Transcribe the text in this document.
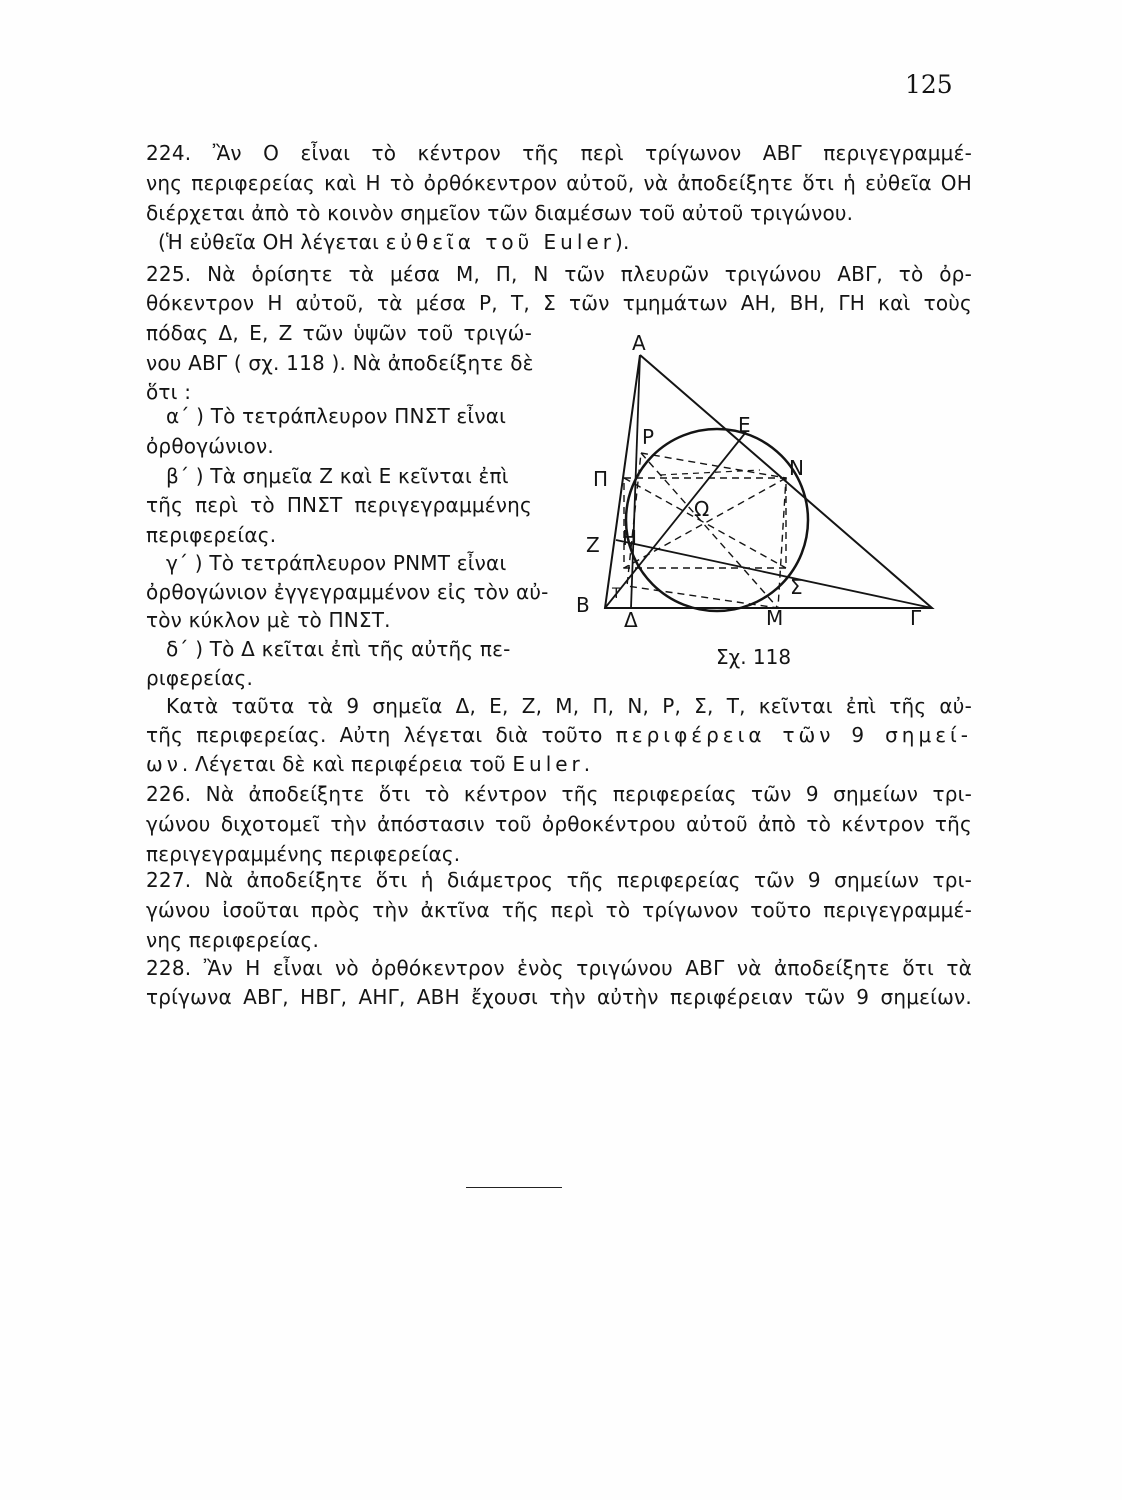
125
224. Ἂν Ο εἶναι τὸ κέντρον τῆς περὶ τρίγωνον ΑΒΓ περιγεγραμμέ-
νης περιφερείας καὶ Η τὸ ὀρθόκεντρον αὐτοῦ, νὰ ἀποδείξητε ὅτι ἡ εὐθεῖα ΟΗ
διέρχεται ἀπὸ τὸ κοινὸν σημεῖον τῶν διαμέσων τοῦ αὐτοῦ τριγώνου.
(Ἡ εὐθεῖα ΟΗ λέγεται εὐθεῖα τοῦ Euler).
225. Νὰ ὁρίσητε τὰ μέσα Μ, Π, Ν τῶν πλευρῶν τριγώνου ΑΒΓ, τὸ ὀρ-
θόκεντρον Η αὐτοῦ, τὰ μέσα Ρ, Τ, Σ τῶν τμημάτων ΑΗ, ΒΗ, ΓΗ καὶ τοὺς
πόδας Δ, Ε, Ζ τῶν ὑψῶν τοῦ τριγώ-
νου ΑΒΓ ( σχ. 118 ). Νὰ ἀποδείξητε δὲ
ὅτι :
α΄ ) Τὸ τετράπλευρον ΠΝΣΤ εἶναι
ὀρθογώνιον.
β΄ ) Τὰ σημεῖα Ζ καὶ Ε κεῖνται ἐπὶ
τῆς περὶ τὸ ΠΝΣΤ περιγεγραμμένης
περιφερείας.
γ΄ ) Τὸ τετράπλευρον ΡΝΜΤ εἶναι
ὀρθογώνιον ἐγγεγραμμένον εἰς τὸν αὐ-
τὸν κύκλον μὲ τὸ ΠΝΣΤ.
δ΄ ) Τὸ Δ κεῖται ἐπὶ τῆς αὐτῆς πε-
ριφερείας.
Κατὰ ταῦτα τὰ 9 σημεῖα Δ, Ε, Ζ, Μ, Π, Ν, Ρ, Σ, Τ, κεῖνται ἐπὶ τῆς αὐ-
τῆς περιφερείας. Αὐτη λέγεται διὰ τοῦτο περιφέρεια τῶν 9 σημεί-
ων. Λέγεται δὲ καὶ περιφέρεια τοῦ Euler.
226. Νὰ ἀποδείξητε ὅτι τὸ κέντρον τῆς περιφερείας τῶν 9 σημείων τρι-
γώνου διχοτομεῖ τὴν ἀπόστασιν τοῦ ὀρθοκέντρου αὐτοῦ ἀπὸ τὸ κέντρον τῆς
περιγεγραμμένης περιφερείας.
227. Νὰ ἀποδείξητε ὅτι ἡ διάμετρος τῆς περιφερείας τῶν 9 σημείων τρι-
γώνου ἰσοῦται πρὸς τὴν ἀκτῖνα τῆς περὶ τὸ τρίγωνον τοῦτο περιγεγραμμέ-
νης περιφερείας.
228. Ἂν Η εἶναι νὸ ὀρθόκεντρον ἑνὸς τριγώνου ΑΒΓ νὰ ἀποδείξητε ὅτι τὰ
τρίγωνα ΑΒΓ, ΗΒΓ, ΑΗΓ, ΑΒΗ ἔχουσι τὴν αὐτὴν περιφέρειαν τῶν 9 σημείων.
Α
Β
Γ
Δ
Ε
Ζ Η
Μ
Ν
Π
Ρ
Σ
Τ
Ω
Σχ. 118
